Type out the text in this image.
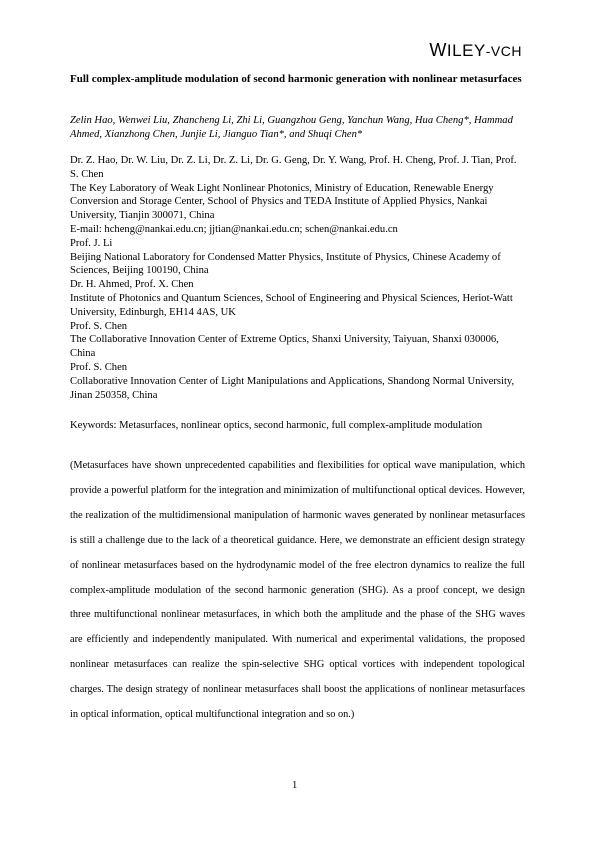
WILEY-VCH
Full complex-amplitude modulation of second harmonic generation with nonlinear metasurfaces
Zelin Hao, Wenwei Liu, Zhancheng Li, Zhi Li, Guangzhou Geng, Yanchun Wang, Hua Cheng*, Hammad Ahmed, Xianzhong Chen, Junjie Li, Jianguo Tian*, and Shuqi Chen*

Dr. Z. Hao, Dr. W. Liu, Dr. Z. Li, Dr. Z. Li, Dr. G. Geng, Dr. Y. Wang, Prof. H. Cheng, Prof. J. Tian, Prof. S. Chen

The Key Laboratory of Weak Light Nonlinear Photonics, Ministry of Education, Renewable Energy Conversion and Storage Center, School of Physics and TEDA Institute of Applied Physics, Nankai University, Tianjin 300071, China

E-mail: hcheng@nankai.edu.cn; jjtian@nankai.edu.cn; schen@nankai.edu.cn

Prof. J. Li

Beijing National Laboratory for Condensed Matter Physics, Institute of Physics, Chinese Academy of Sciences, Beijing 100190, China

Dr. H. Ahmed, Prof. X. Chen

Institute of Photonics and Quantum Sciences, School of Engineering and Physical Sciences, Heriot-Watt University, Edinburgh, EH14 4AS, UK

Prof. S. Chen

The Collaborative Innovation Center of Extreme Optics, Shanxi University, Taiyuan, Shanxi 030006, China

Prof. S. Chen

Collaborative Innovation Center of Light Manipulations and Applications, Shandong Normal University, Jinan 250358, China

Keywords: Metasurfaces, nonlinear optics, second harmonic, full complex-amplitude modulation
(Metasurfaces have shown unprecedented capabilities and flexibilities for optical wave manipulation, which provide a powerful platform for the integration and minimization of multifunctional optical devices. However, the realization of the multidimensional manipulation of harmonic waves generated by nonlinear metasurfaces is still a challenge due to the lack of a theoretical guidance. Here, we demonstrate an efficient design strategy of nonlinear metasurfaces based on the hydrodynamic model of the free electron dynamics to realize the full complex-amplitude modulation of the second harmonic generation (SHG). As a proof concept, we design three multifunctional nonlinear metasurfaces, in which both the amplitude and the phase of the SHG waves are efficiently and independently manipulated. With numerical and experimental validations, the proposed nonlinear metasurfaces can realize the spin-selective SHG optical vortices with independent topological charges. The design strategy of nonlinear metasurfaces shall boost the applications of nonlinear metasurfaces in optical information, optical multifunctional integration and so on.)
1
